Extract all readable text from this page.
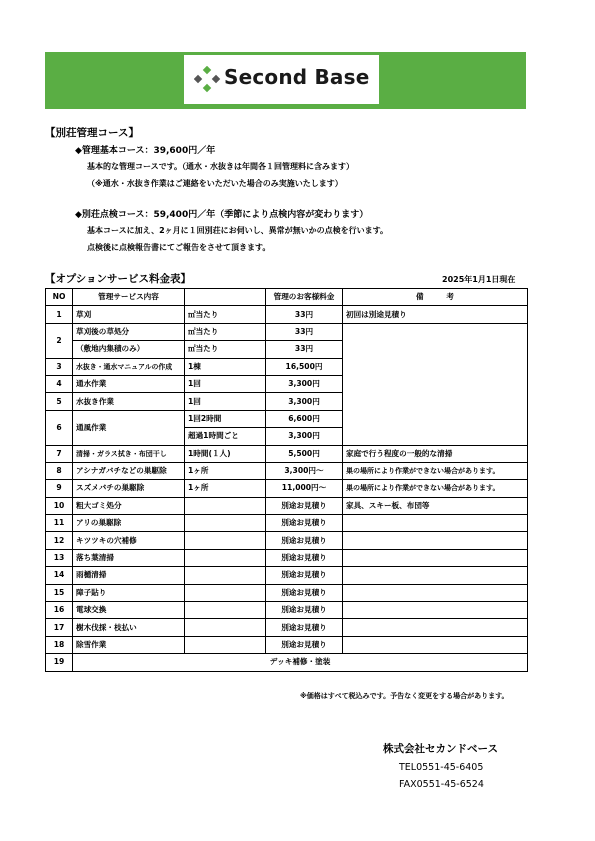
Second Base
【別荘管理コース】
◆管理基本コース：39,600円／年
基本的な管理コースです。（通水・水抜きは年間各１回管理料に含みます）
（※通水・水抜き作業はご連絡をいただいた場合のみ実施いたします）
◆別荘点検コース：59,400円／年（季節により点検内容が変わります）
基本コースに加え、2ヶ月に１回別荘にお伺いし、異常が無いかの点検を行います。
点検後に点検報告書にてご報告をさせて頂きます。
【オプションサービス料金表】	2025年1月1日現在
NO	管理サービス内容		管理のお客様料金	備　　　考
1	草刈	㎡当たり	33円	初回は別途見積り
2	草刈後の草処分	㎡当たり	33円	
	（敷地内集積のみ）	㎡当たり	33円	
3	水抜き・通水マニュアルの作成	1棟	16,500円	
4	通水作業	1回	3,300円	
5	水抜き作業	1回	3,300円	
6	通風作業	1回2時間	6,600円	
		超過1時間ごと	3,300円	
7	清掃・ガラス拭き・布団干し	1時間(１人)	5,500円	家庭で行う程度の一般的な清掃
8	アシナガバチなどの巣駆除	1ヶ所	3,300円～	巣の場所により作業ができない場合があります。
9	スズメバチの巣駆除	1ヶ所	11,000円～	巣の場所により作業ができない場合があります。
10	粗大ゴミ処分		別途お見積り	家具、スキー板、布団等
11	アリの巣駆除		別途お見積り	
12	キツツキの穴補修		別途お見積り	
13	落ち葉清掃		別途お見積り	
14	雨樋清掃		別途お見積り	
15	障子貼り		別途お見積り	
16	電球交換		別途お見積り	
17	樹木伐採・枝払い		別途お見積り	
18	除雪作業		別途お見積り	
19	デッキ補修・塗装			
※価格はすべて税込みです。予告なく変更をする場合があります。
株式会社セカンドベース
TEL0551-45-6405
FAX0551-45-6524
